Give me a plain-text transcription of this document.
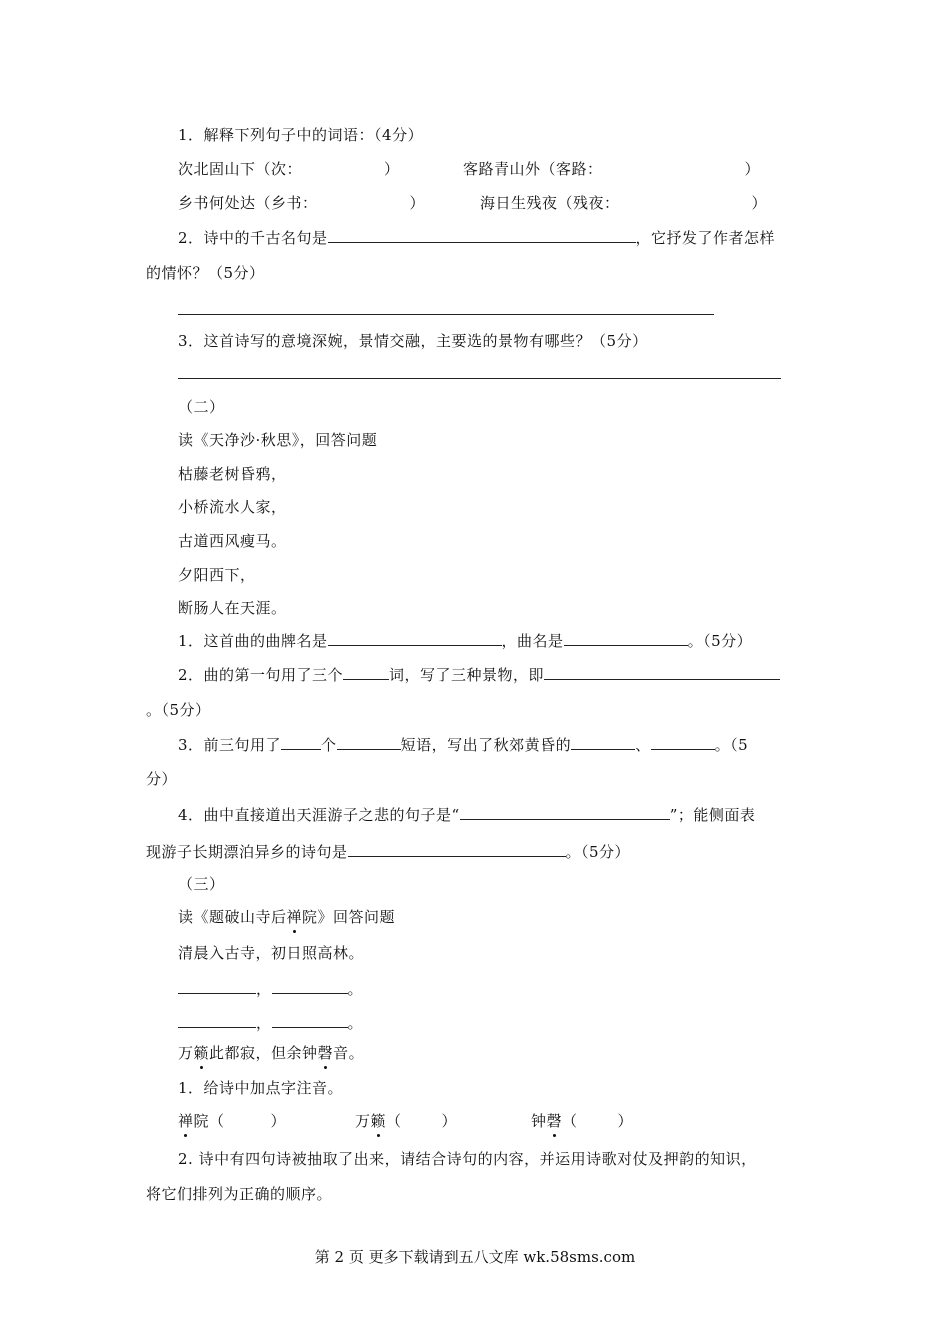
1．解释下列句子中的词语：（4分）
次北固山下（次：	）	客路青山外（客路：	）
乡书何处达（乡书：	）	海日生残夜（残夜：	）
2．诗中的千古名句是	，它抒发了作者怎样
的情怀？（5分）
3．这首诗写的意境深婉，景情交融，主要选的景物有哪些？（5分）
（二）
读《天净沙·秋思》，回答问题
枯藤老树昏鸦，
小桥流水人家，
古道西风瘦马。
夕阳西下，
断肠人在天涯。
1．这首曲的曲牌名是	，曲名是	。（5分）
2．曲的第一句用了三个	词，写了三种景物，即
。（5分）
3．前三句用了	个	短语，写出了秋郊黄昏的	、	。（5
分）
4．曲中直接道出天涯游子之悲的句子是“	”；能侧面表
现游子长期漂泊异乡的诗句是	。（5分）
（三）
读《题破山寺后禅院》回答问题
清晨入古寺，初日照高林。
，	。
，	。
万籁此都寂，但余钟磬音。
1．给诗中加点字注音。
禅院（	）	万籁（	）	钟磬（	）
2. 诗中有四句诗被抽取了出来，请结合诗句的内容，并运用诗歌对仗及押韵的知识，
将它们排列为正确的顺序。
第 2 页 更多下载请到五八文库 wk.58sms.com
